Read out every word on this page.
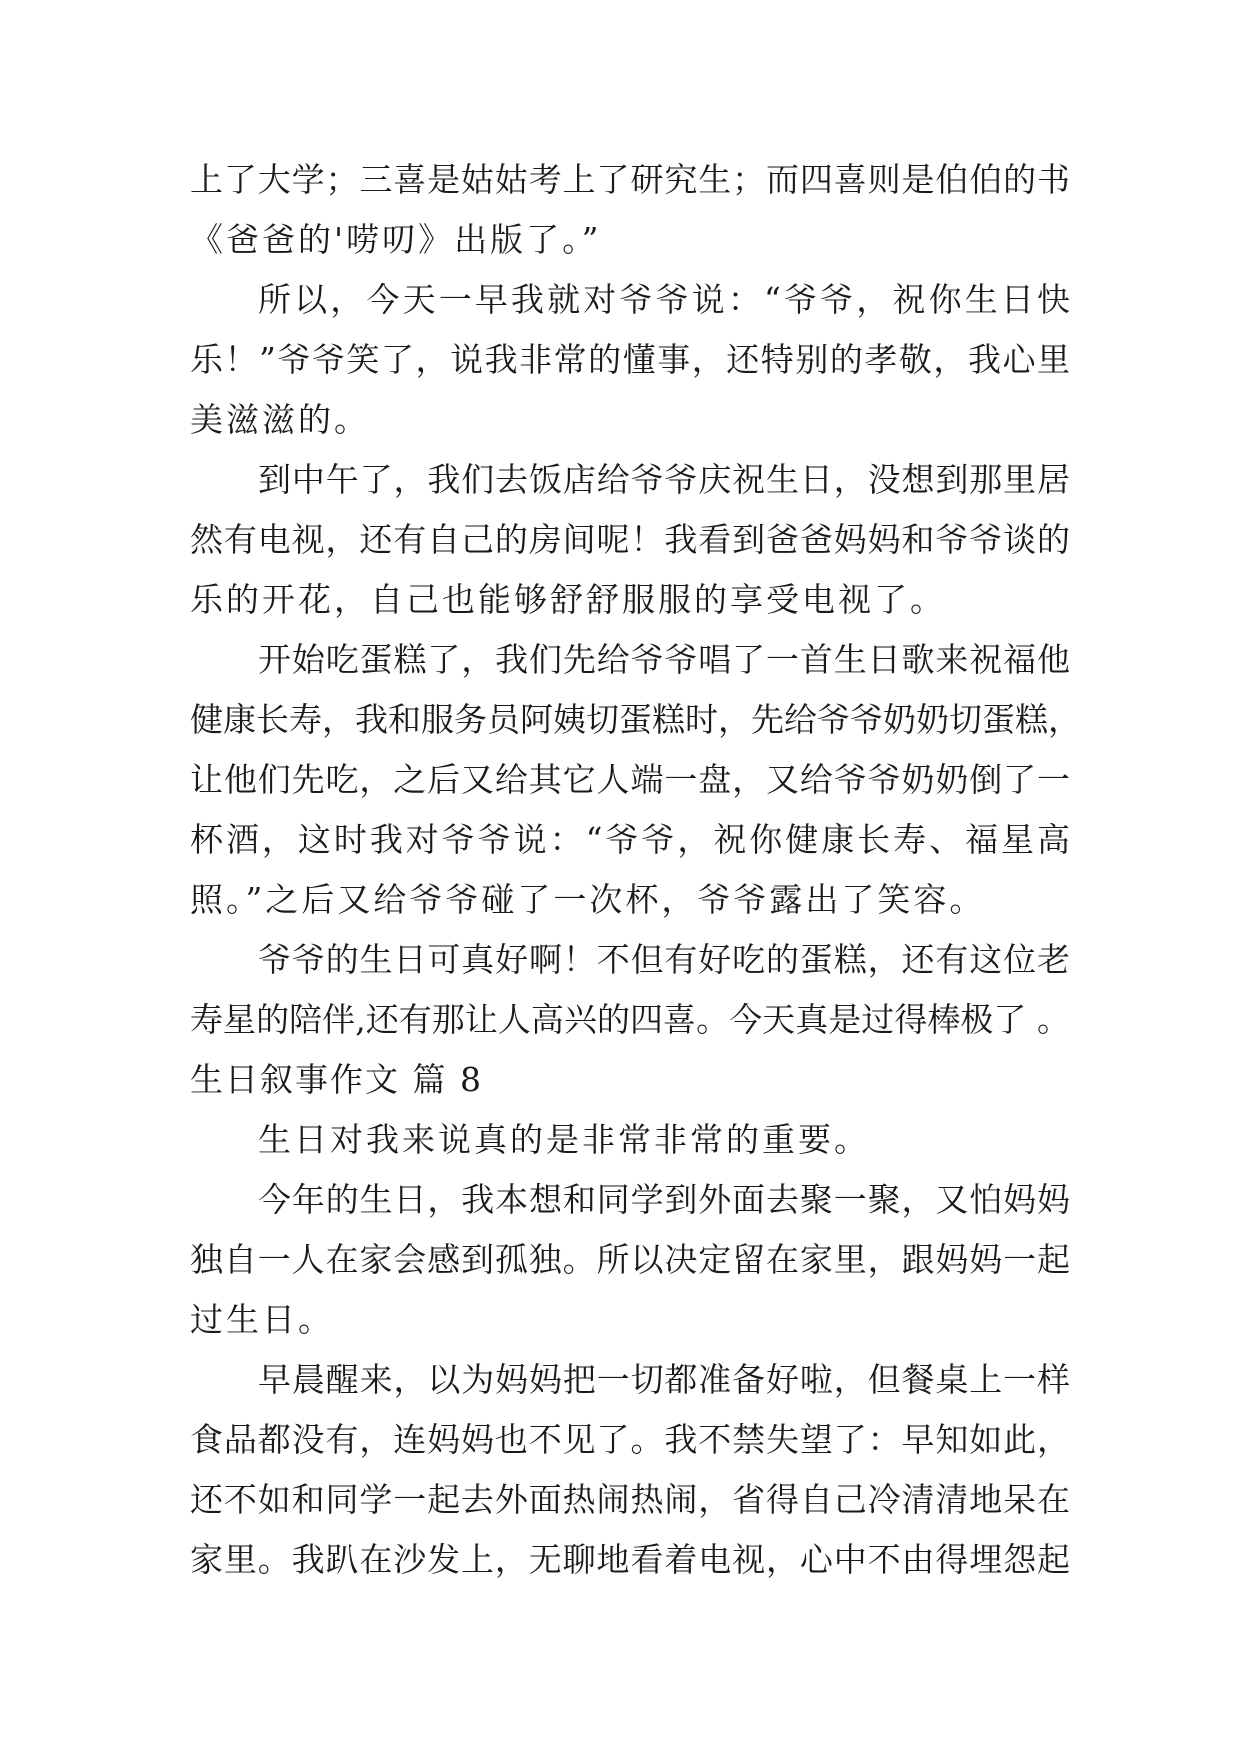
上了大学；三喜是姑姑考上了研究生；而四喜则是伯伯的书
《爸爸的'唠叨》出版了。”
所以，今天一早我就对爷爷说：“爷爷，祝你生日快
乐！”爷爷笑了，说我非常的懂事，还特别的孝敬，我心里
美滋滋的。
到中午了，我们去饭店给爷爷庆祝生日，没想到那里居
然有电视，还有自己的房间呢！我看到爸爸妈妈和爷爷谈的
乐的开花，自己也能够舒舒服服的享受电视了。
开始吃蛋糕了，我们先给爷爷唱了一首生日歌来祝福他
健康长寿，我和服务员阿姨切蛋糕时，先给爷爷奶奶切蛋糕，
让他们先吃，之后又给其它人端一盘，又给爷爷奶奶倒了一
杯酒，这时我对爷爷说：“爷爷，祝你健康长寿、福星高
照。”之后又给爷爷碰了一次杯，爷爷露出了笑容。
爷爷的生日可真好啊！不但有好吃的蛋糕，还有这位老
寿星的陪伴,还有那让人高兴的四喜。今天真是过得棒极了 。
生日叙事作文 篇 8
生日对我来说真的是非常非常的重要。
今年的生日，我本想和同学到外面去聚一聚，又怕妈妈
独自一人在家会感到孤独。所以决定留在家里，跟妈妈一起
过生日。
早晨醒来，以为妈妈把一切都准备好啦，但餐桌上一样
食品都没有，连妈妈也不见了。我不禁失望了：早知如此，
还不如和同学一起去外面热闹热闹，省得自己冷清清地呆在
家里。我趴在沙发上，无聊地看着电视，心中不由得埋怨起
